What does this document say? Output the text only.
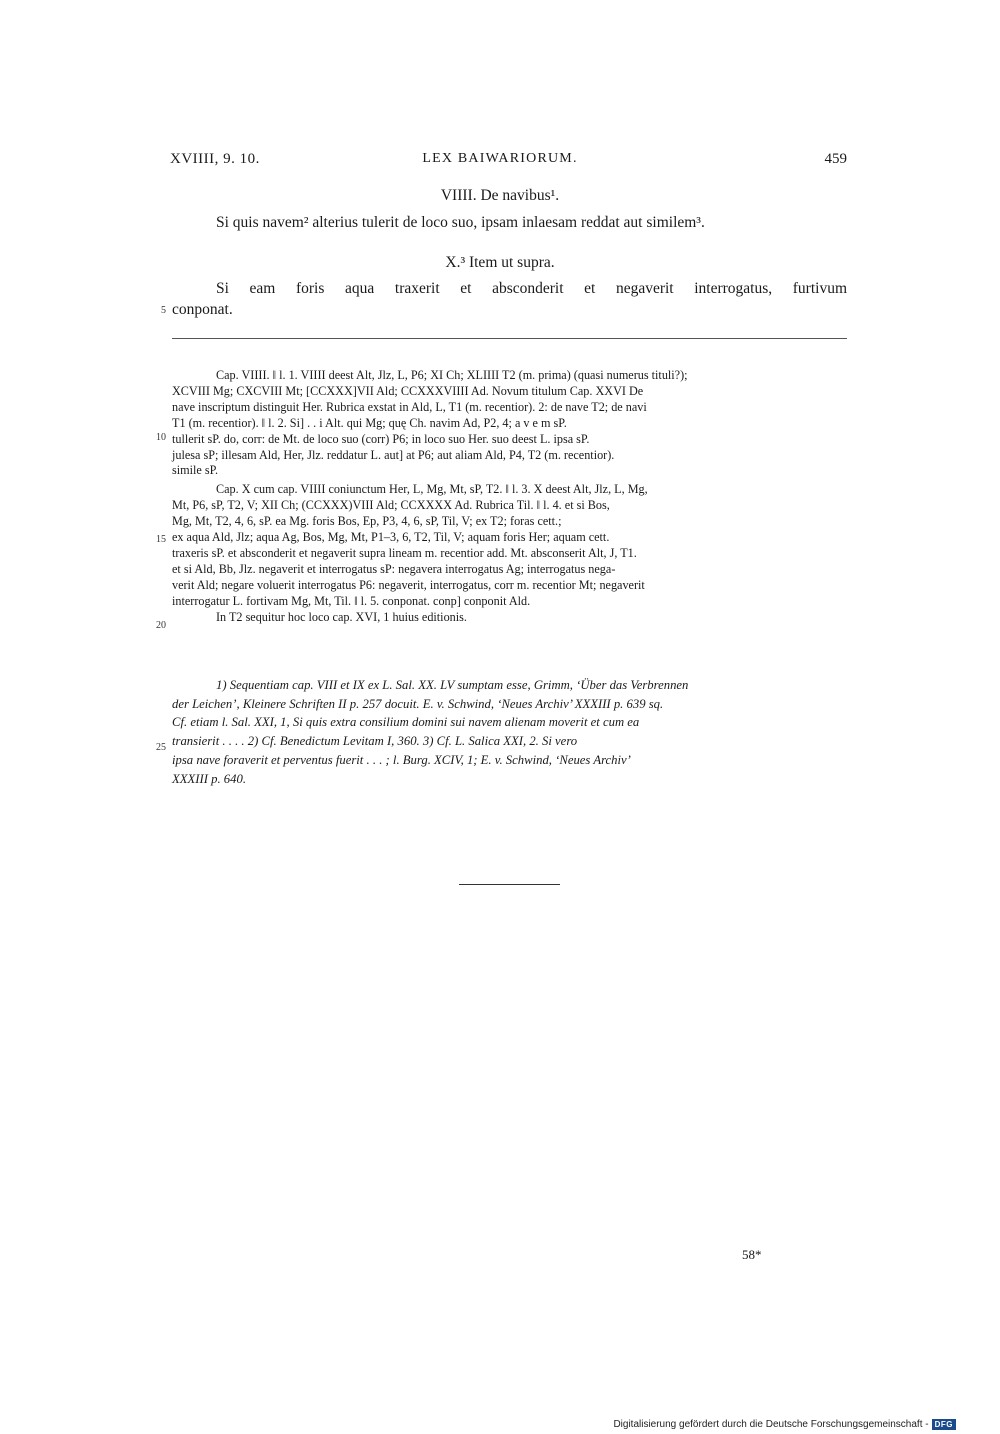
XVIIII, 9. 10.	LEX BAIWARIORUM.	459
VIIII. De navibus¹.
Si quis navem² alterius tulerit de loco suo, ipsam inlaesam reddat aut similem³.
X.³ Item ut supra.
Si eam foris aqua traxerit et absconderit et negaverit interrogatus, furtivum
conponat.
5
Cap. VIIII. ‖ l. 1. VIIII deest Alt, Jlz, L, P6; XI Ch; XLIIII T2 (m. prima) (quasi numerus tituli?);
XCVIII Mg; CXCVIII Mt; [CCXXX]VII Ald; CCXXXVIIII Ad. Novum titulum Cap. XXVI De
nave inscriptum distinguit Her. Rubrica exstat in Ald, L, T1 (m. recentior). 2: de nave T2; de navi
T1 (m. recentior). ‖ l. 2. Si] . . i Alt. qui Mg; quę Ch. navim Ad, P2, 4; a v e m sP.
tullerit sP. do, corr: de Mt. de loco suo (corr) P6; in loco suo Her. suo deest L. ipsa sP.
julesa sP; illesam Ald, Her, Jlz. reddatur L. aut] at P6; aut aliam Ald, P4, T2 (m. recentior).
simile sP.
Cap. X cum cap. VIIII coniunctum Her, L, Mg, Mt, sP, T2. ‖ l. 3. X deest Alt, Jlz, L, Mg,
Mt, P6, sP, T2, V; XII Ch; (CCXXX)VIII Ald; CCXXXX Ad. Rubrica Til. ‖ l. 4. et si Bos,
Mg, Mt, T2, 4, 6, sP. ea Mg. foris Bos, Ep, P3, 4, 6, sP, Til, V; ex T2; foras cett.;
ex aqua Ald, Jlz; aqua Ag, Bos, Mg, Mt, P1–3, 6, T2, Til, V; aquam foris Her; aquam cett.
traxeris sP. et absconderit et negaverit supra lineam m. recentior add. Mt. absconserit Alt, J, T1.
et si Ald, Bb, Jlz. negaverit et interrogatus sP: negavera interrogatus Ag; interrogatus nega-
verit Ald; negare voluerit interrogatus P6: negaverit, interrogatus, corr m. recentior Mt; negaverit
interrogatur L. fortivam Mg, Mt, Til. ‖ l. 5. conponat. conp] conponit Ald.
In T2 sequitur hoc loco cap. XVI, 1 huius editionis.
10
15
20
1) Sequentiam cap. VIII et IX ex L. Sal. XX. LV sumptam esse, Grimm, ‘Über das Verbrennen
der Leichen’, Kleinere Schriften II p. 257 docuit. E. v. Schwind, ‘Neues Archiv’ XXXIII p. 639 sq.
Cf. etiam l. Sal. XXI, 1, Si quis extra consilium domini sui navem alienam moverit et cum ea
transierit . . . . 2) Cf. Benedictum Levitam I, 360. 3) Cf. L. Salica XXI, 2. Si vero
ipsa nave foraverit et perventus fuerit . . . ; l. Burg. XCIV, 1; E. v. Schwind, ‘Neues Archiv’
XXXIII p. 640.
25
58*
Digitalisierung gefördert durch die Deutsche Forschungsgemeinschaft - DFG
